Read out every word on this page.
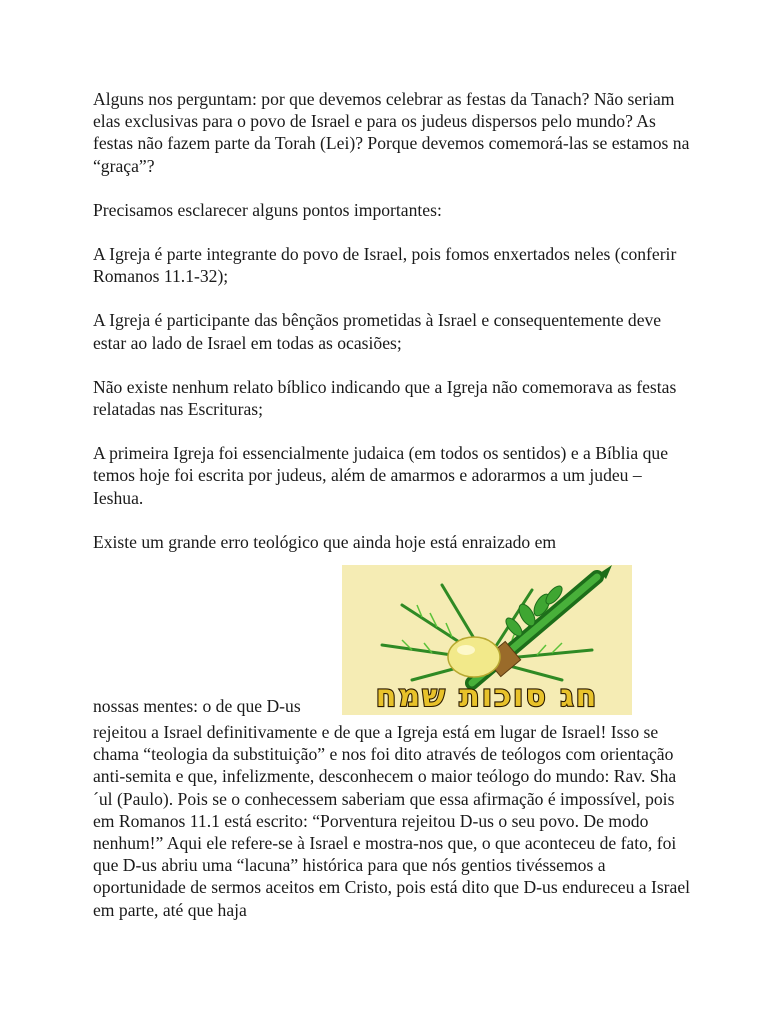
Alguns nos perguntam: por que devemos celebrar as festas da Tanach? Não seriam elas exclusivas para o povo de Israel e para os judeus dispersos pelo mundo? As festas não fazem parte da Torah (Lei)? Porque devemos comemorá-las se estamos na “graça”?

Precisamos esclarecer alguns pontos importantes:

A Igreja é parte integrante do povo de Israel, pois fomos enxertados neles (conferir Romanos 11.1-32);

A Igreja é participante das bênçãos prometidas à Israel e consequentemente deve estar ao lado de Israel em todas as ocasiões;

Não existe nenhum relato bíblico indicando que a Igreja não comemorava as festas relatadas nas Escrituras;

A primeira Igreja foi essencialmente judaica (em todos os sentidos) e a Bíblia que temos hoje foi escrita por judeus, além de amarmos e adorarmos a um judeu – Ieshua.

Existe um grande erro teológico que ainda hoje está enraizado em

nossas mentes: o de que D-us	חג סוכות שמח

rejeitou a Israel definitivamente e de que a Igreja está em lugar de Israel! Isso se chama “teologia da substituição” e nos foi dito através de teólogos com orientação anti-semita e que, infelizmente, desconhecem o maior teólogo do mundo: Rav. Sha´ul (Paulo). Pois se o conhecessem saberiam que essa afirmação é impossível, pois em Romanos 11.1 está escrito: “Porventura rejeitou D-us o seu povo. De modo nenhum!” Aqui ele refere-se à Israel e mostra-nos que, o que aconteceu de fato, foi que D-us abriu uma “lacuna” histórica para que nós gentios tivéssemos a oportunidade de sermos aceitos em Cristo, pois está dito que D-us endureceu a Israel em parte, até que haja
